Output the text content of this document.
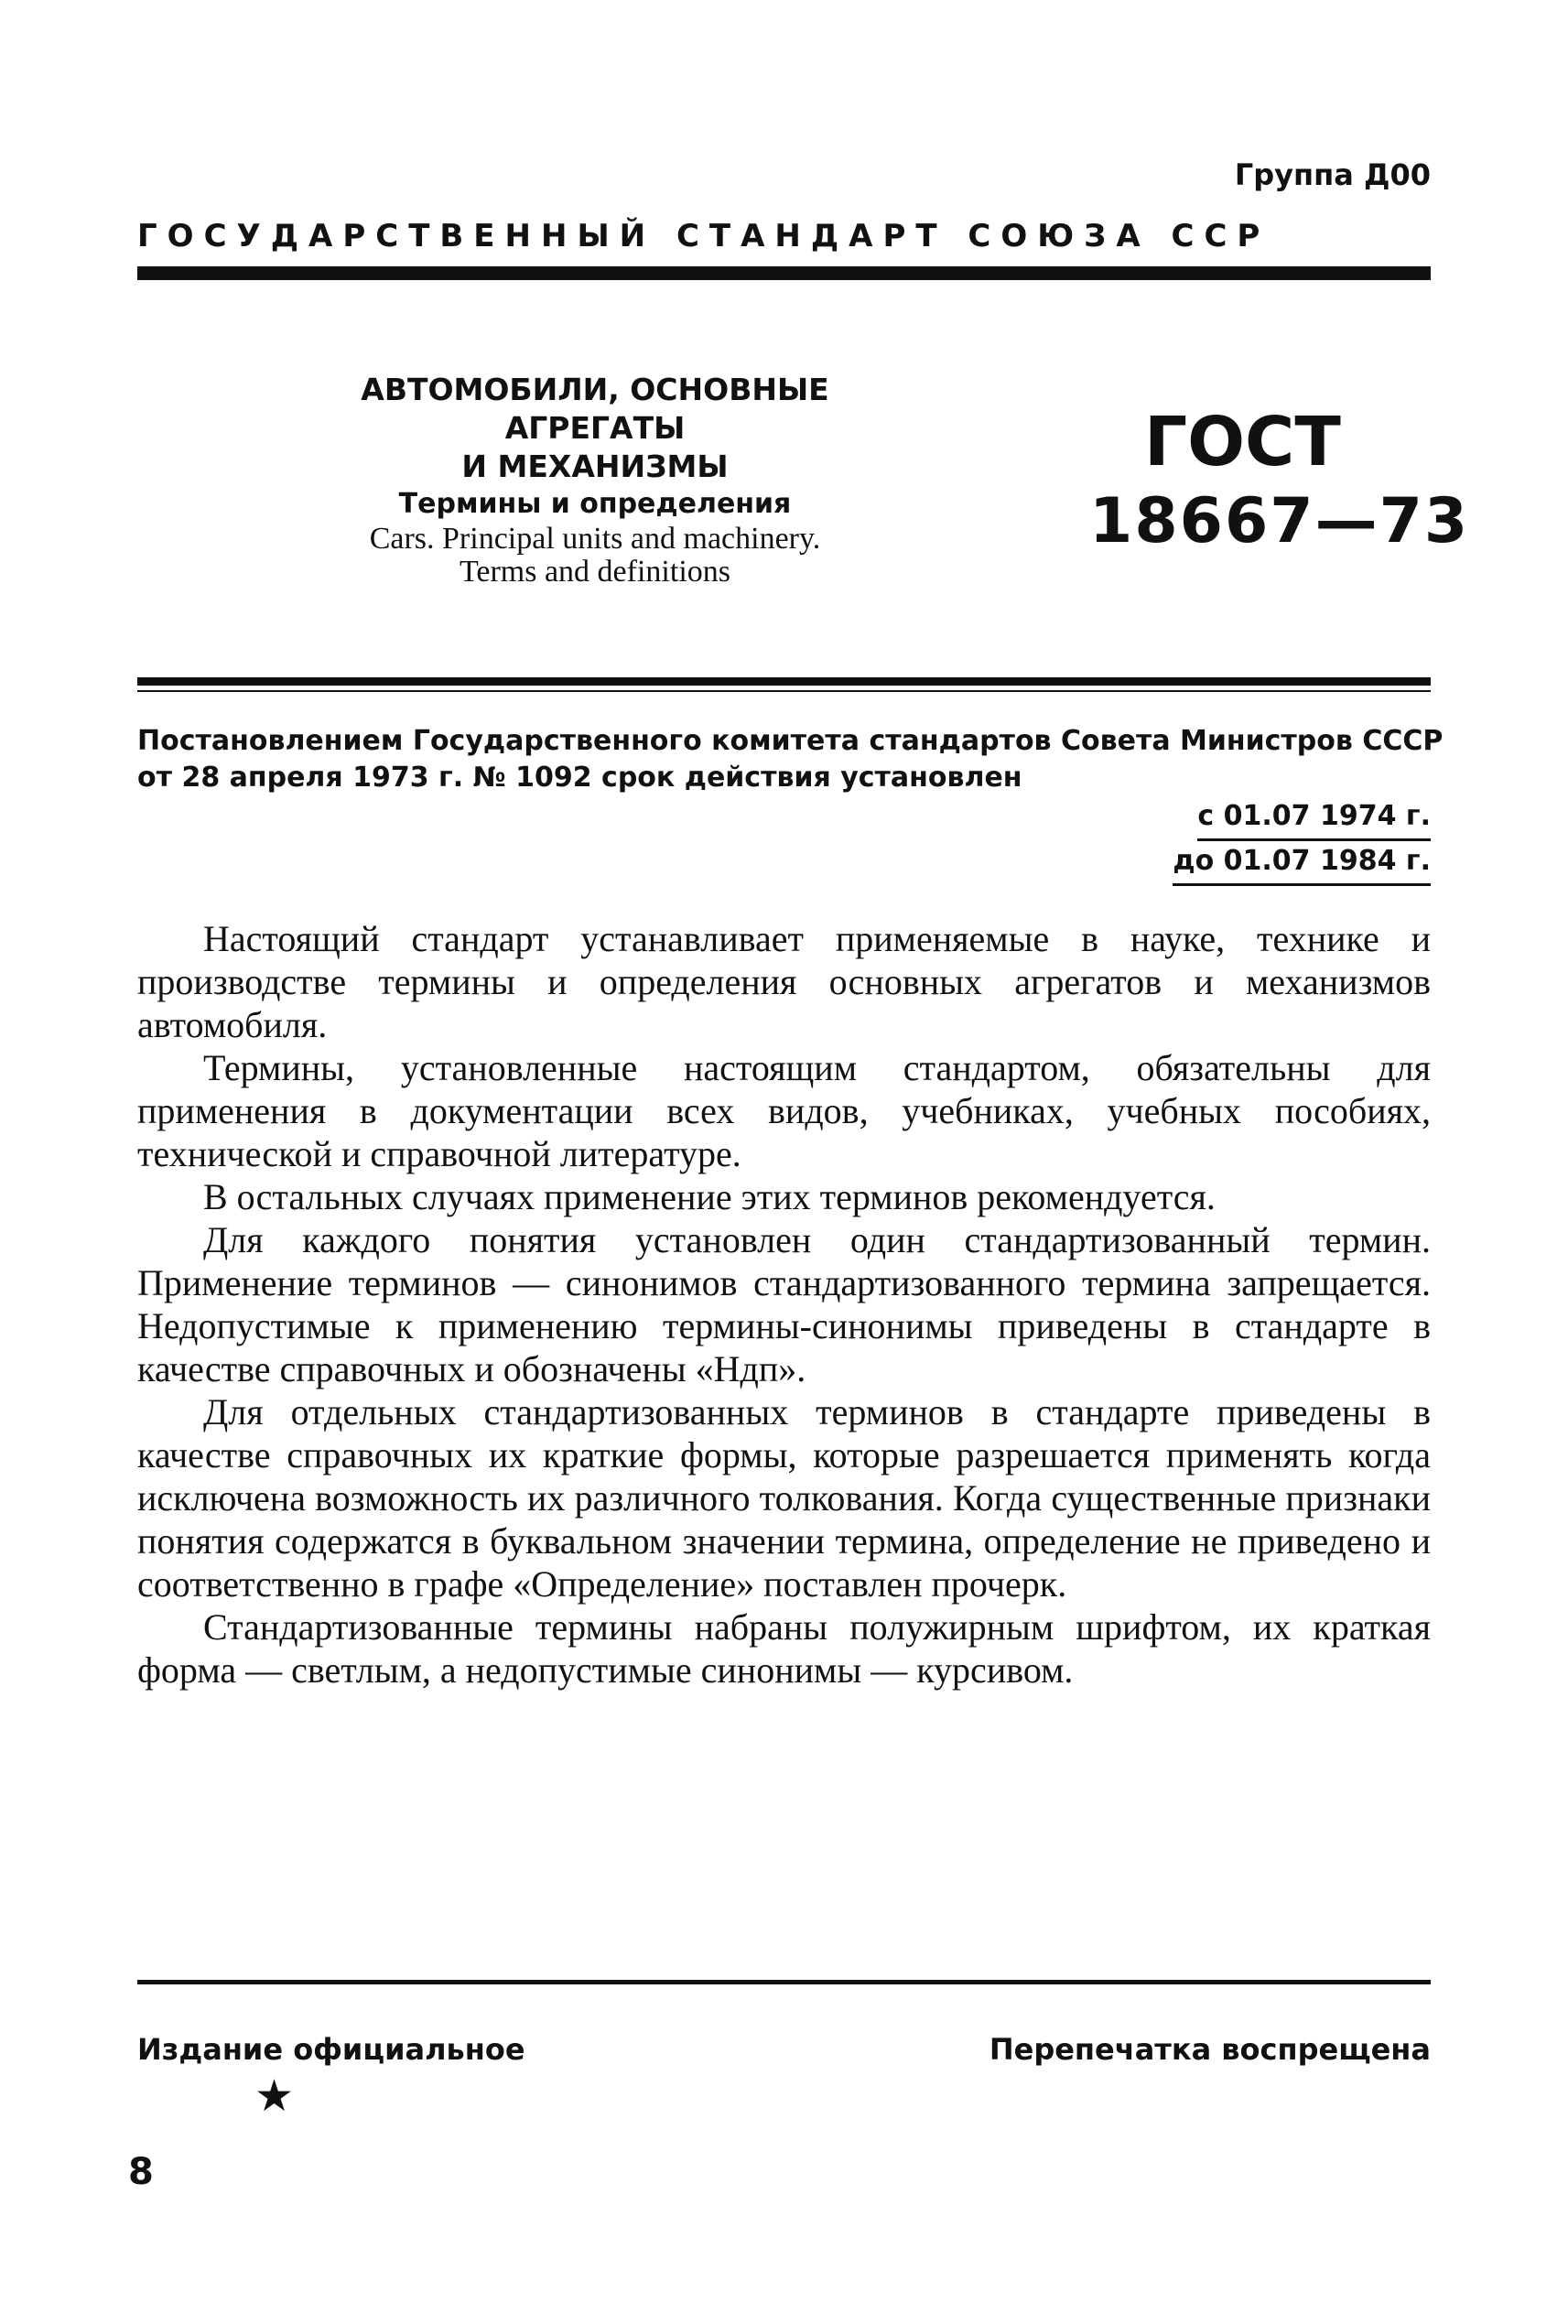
Группа Д00
ГОСУДАРСТВЕННЫЙ СТАНДАРТ СОЮЗА ССР
АВТОМОБИЛИ, ОСНОВНЫЕ АГРЕГАТЫ
И МЕХАНИЗМЫ
Термины и определения
Cars. Principal units and machinery.
Terms and definitions
ГОСТ
18667—73
Постановлением Государственного комитета стандартов Совета Министров СССР
от 28 апреля 1973 г. № 1092 срок действия установлен
с 01.07 1974 г.
до 01.07 1984 г.

Настоящий стандарт устанавливает применяемые в науке, технике и производстве термины и определения основных агрегатов и механизмов автомобиля.

Термины, установленные настоящим стандартом, обязательны для применения в документации всех видов, учебниках, учебных пособиях, технической и справочной литературе.

В остальных случаях применение этих терминов рекомендуется.

Для каждого понятия установлен один стандартизованный термин. Применение терминов — синонимов стандартизованного термина запрещается. Недопустимые к применению термины-синонимы приведены в стандарте в качестве справочных и обозначены «Ндп».

Для отдельных стандартизованных терминов в стандарте приведены в качестве справочных их краткие формы, которые разрешается применять когда исключена возможность их различного толкования. Когда существенные признаки понятия содержатся в буквальном значении термина, определение не приведено и соответственно в графе «Определение» поставлен прочерк.

Стандартизованные термины набраны полужирным шрифтом, их краткая форма — светлым, а недопустимые синонимы — курсивом.

Издание официальное	Перепечатка воспрещена
★
8
